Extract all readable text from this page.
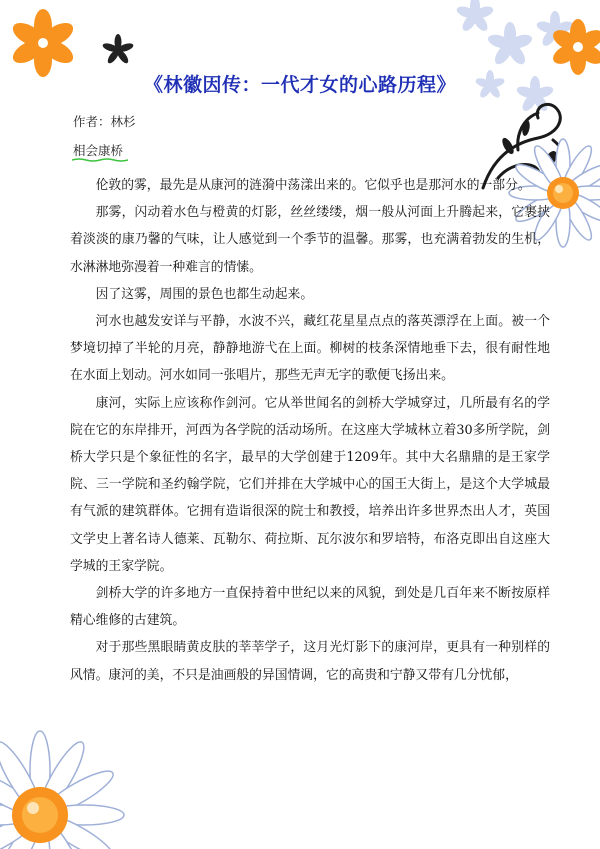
《林徽因传：一代才女的心路历程》
作者：林杉
相会康桥

伦敦的雾，最先是从康河的涟漪中荡漾出来的。它似乎也是那河水的一部分。

那雾，闪动着水色与橙黄的灯影，丝丝缕缕，烟一般从河面上升腾起来，它裹挟着淡淡的康乃馨的气味，让人感觉到一个季节的温馨。那雾，也充满着勃发的生机，水淋淋地弥漫着一种难言的情愫。

因了这雾，周围的景色也都生动起来。

河水也越发安详与平静，水波不兴，藏红花星星点点的落英漂浮在上面。被一个梦境切掉了半轮的月亮，静静地游弋在上面。柳树的枝条深情地垂下去，很有耐性地在水面上划动。河水如同一张唱片，那些无声无字的歌便飞扬出来。

康河，实际上应该称作剑河。它从举世闻名的剑桥大学城穿过，几所最有名的学院在它的东岸排开，河西为各学院的活动场所。在这座大学城林立着30多所学院，剑桥大学只是个象征性的名字，最早的大学创建于1209年。其中大名鼎鼎的是王家学院、三一学院和圣约翰学院，它们并排在大学城中心的国王大街上，是这个大学城最有气派的建筑群体。它拥有造诣很深的院士和教授，培养出许多世界杰出人才，英国文学史上著名诗人德莱、瓦勒尔、荷拉斯、瓦尔波尔和罗培特，布洛克即出自这座大学城的王家学院。

剑桥大学的许多地方一直保持着中世纪以来的风貌，到处是几百年来不断按原样精心维修的古建筑。

对于那些黑眼睛黄皮肤的莘莘学子，这月光灯影下的康河岸，更具有一种别样的风情。康河的美，不只是油画般的异国情调，它的高贵和宁静又带有几分忧郁，
